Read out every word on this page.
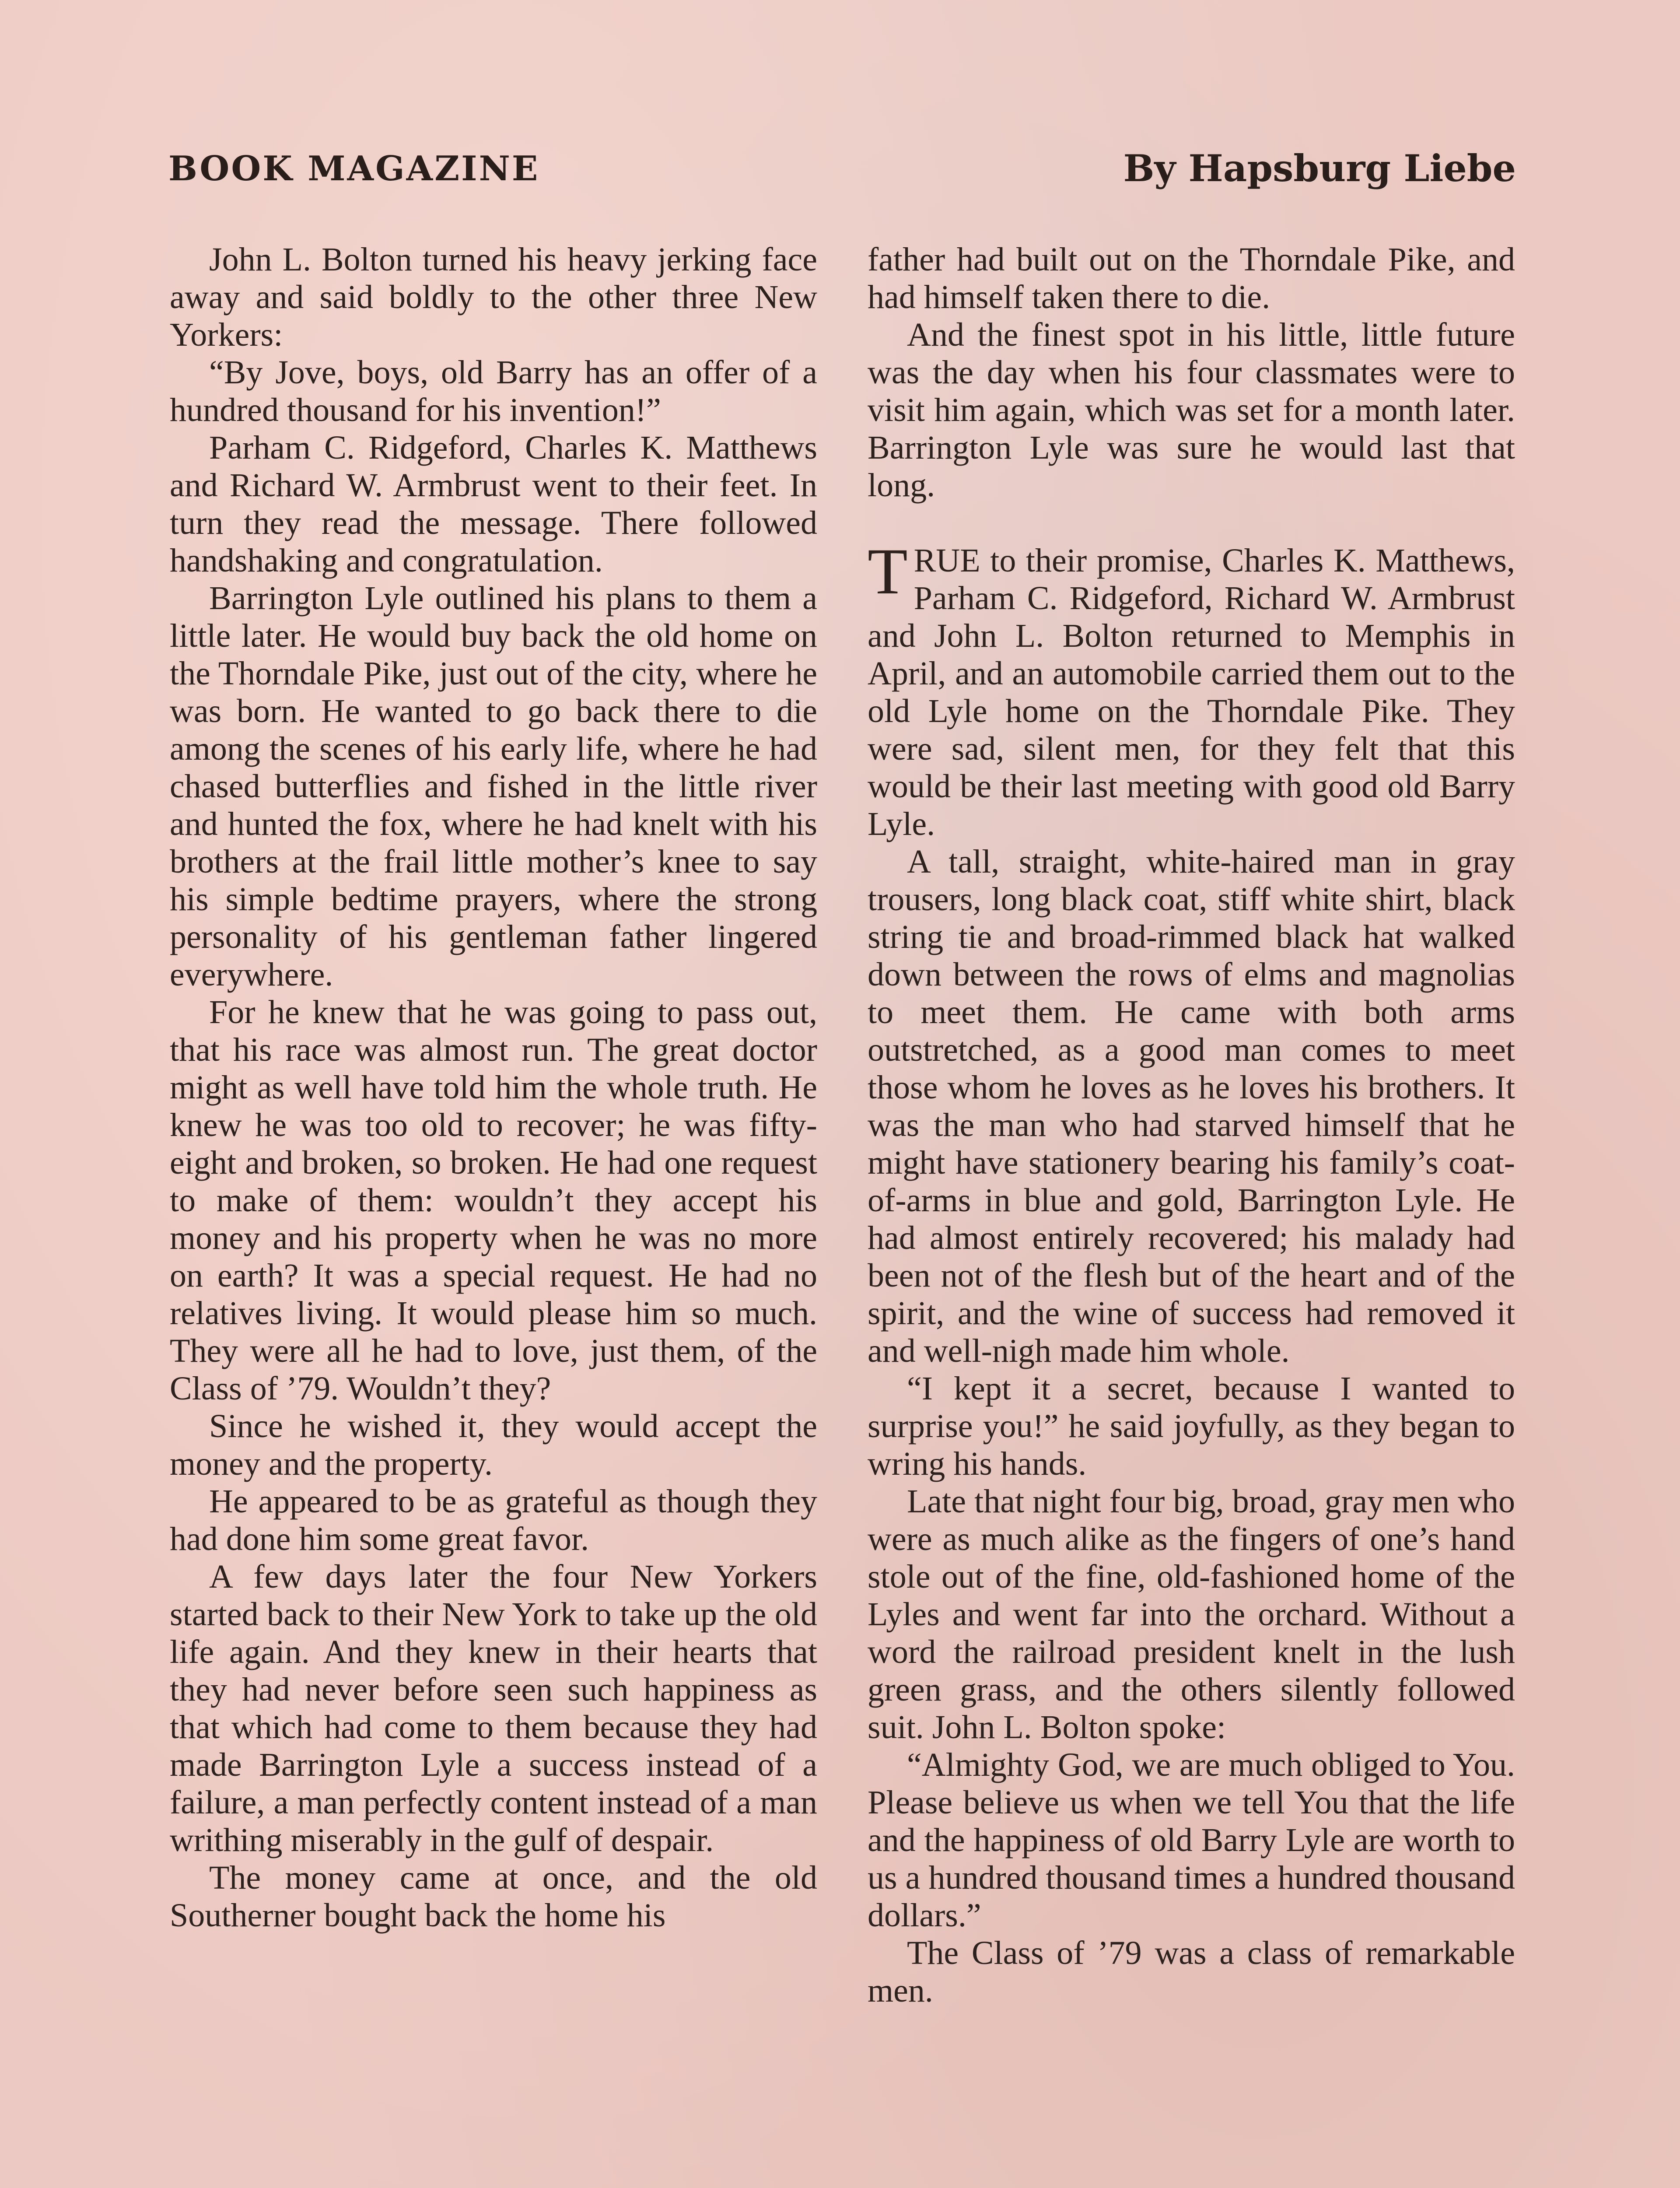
BOOK MAGAZINE	By Hapsburg Liebe

John L. Bolton turned his heavy jerking face away and said boldly to the other three New Yorkers:

“By Jove, boys, old Barry has an offer of a hundred thousand for his invention!”

Parham C. Ridgeford, Charles K. Matthews and Richard W. Armbrust went to their feet. In turn they read the message. There followed handshaking and congratulation.

Barrington Lyle outlined his plans to them a little later. He would buy back the old home on the Thorndale Pike, just out of the city, where he was born. He wanted to go back there to die among the scenes of his early life, where he had chased butterflies and fished in the little river and hunted the fox, where he had knelt with his brothers at the frail little mother’s knee to say his simple bedtime prayers, where the strong personality of his gentleman father lingered everywhere.

For he knew that he was going to pass out, that his race was almost run. The great doctor might as well have told him the whole truth. He knew he was too old to recover; he was fifty-eight and broken, so broken. He had one request to make of them: wouldn’t they accept his money and his property when he was no more on earth? It was a special request. He had no relatives living. It would please him so much. They were all he had to love, just them, of the Class of ’79. Wouldn’t they?

Since he wished it, they would accept the money and the property.

He appeared to be as grateful as though they had done him some great favor.

A few days later the four New Yorkers started back to their New York to take up the old life again. And they knew in their hearts that they had never before seen such happiness as that which had come to them because they had made Barrington Lyle a success instead of a failure, a man perfectly content instead of a man writhing miserably in the gulf of despair.

The money came at once, and the old Southerner bought back the home his

father had built out on the Thorndale Pike, and had himself taken there to die.

And the finest spot in his little, little future was the day when his four classmates were to visit him again, which was set for a month later. Barrington Lyle was sure he would last that long.

TRUE to their promise, Charles K. Matthews, Parham C. Ridgeford, Richard W. Armbrust and John L. Bolton returned to Memphis in April, and an automobile carried them out to the old Lyle home on the Thorndale Pike. They were sad, silent men, for they felt that this would be their last meeting with good old Barry Lyle.

A tall, straight, white-haired man in gray trousers, long black coat, stiff white shirt, black string tie and broad-rimmed black hat walked down between the rows of elms and magnolias to meet them. He came with both arms outstretched, as a good man comes to meet those whom he loves as he loves his brothers. It was the man who had starved himself that he might have stationery bearing his family’s coat-of-arms in blue and gold, Barrington Lyle. He had almost entirely recovered; his malady had been not of the flesh but of the heart and of the spirit, and the wine of success had removed it and well-nigh made him whole.

“I kept it a secret, because I wanted to surprise you!” he said joyfully, as they began to wring his hands.

Late that night four big, broad, gray men who were as much alike as the fingers of one’s hand stole out of the fine, old-fashioned home of the Lyles and went far into the orchard. Without a word the railroad president knelt in the lush green grass, and the others silently followed suit. John L. Bolton spoke:

“Almighty God, we are much obliged to You. Please believe us when we tell You that the life and the happiness of old Barry Lyle are worth to us a hundred thousand times a hundred thousand dollars.”

The Class of ’79 was a class of remarkable men.
